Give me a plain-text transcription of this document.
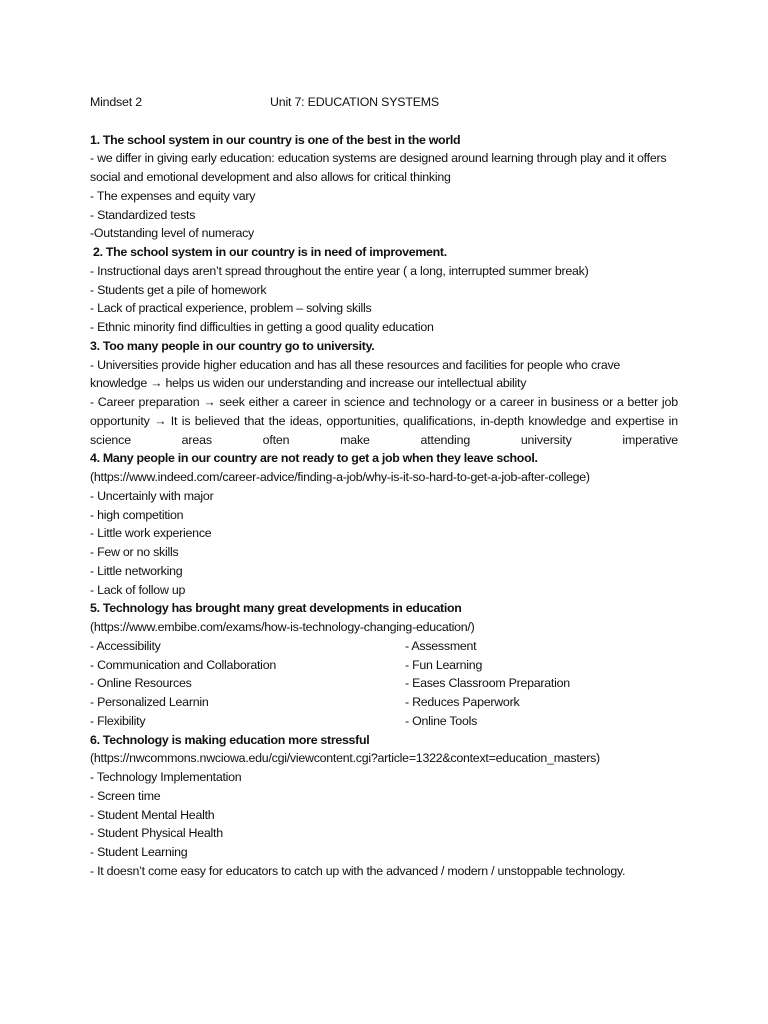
Mindset 2	Unit 7: EDUCATION SYSTEMS
1. The school system in our country is one of the best in the world
- we differ in giving early education: education systems are designed around learning through play and it offers social and emotional development and also allows for critical thinking
- The expenses and equity vary
- Standardized tests
-Outstanding level of numeracy
2. The school system in our country is in need of improvement.
- Instructional days aren’t spread throughout the entire year ( a long, interrupted summer break)
- Students get a pile of homework
- Lack of practical experience, problem – solving skills
- Ethnic minority find difficulties in getting a good quality education
3. Too many people in our country go to university.
- Universities provide higher education and has all these resources and facilities for people who crave knowledge → helps us widen our understanding and increase our intellectual ability
- Career preparation → seek either a career in science and technology or a career in business or a better job opportunity → It is believed that the ideas, opportunities, qualifications, in-depth knowledge and expertise in science areas often make attending university imperative
4. Many people in our country are not ready to get a job when they leave school.
(https://www.indeed.com/career-advice/finding-a-job/why-is-it-so-hard-to-get-a-job-after-college)
- Uncertainly with major
- high competition
- Little work experience
- Few or no skills
- Little networking
- Lack of follow up
5. Technology has brought many great developments in education
(https://www.embibe.com/exams/how-is-technology-changing-education/)
- Accessibility
- Communication and Collaboration
- Online Resources
- Personalized Learnin
- Flexibility
- Assessment
- Fun Learning
- Eases Classroom Preparation
- Reduces Paperwork
- Online Tools
6. Technology is making education more stressful
(https://nwcommons.nwciowa.edu/cgi/viewcontent.cgi?article=1322&context=education_masters)
- Technology Implementation
- Screen time
- Student Mental Health
- Student Physical Health
- Student Learning
- It doesn’t come easy for educators to catch up with the advanced / modern / unstoppable technology.
